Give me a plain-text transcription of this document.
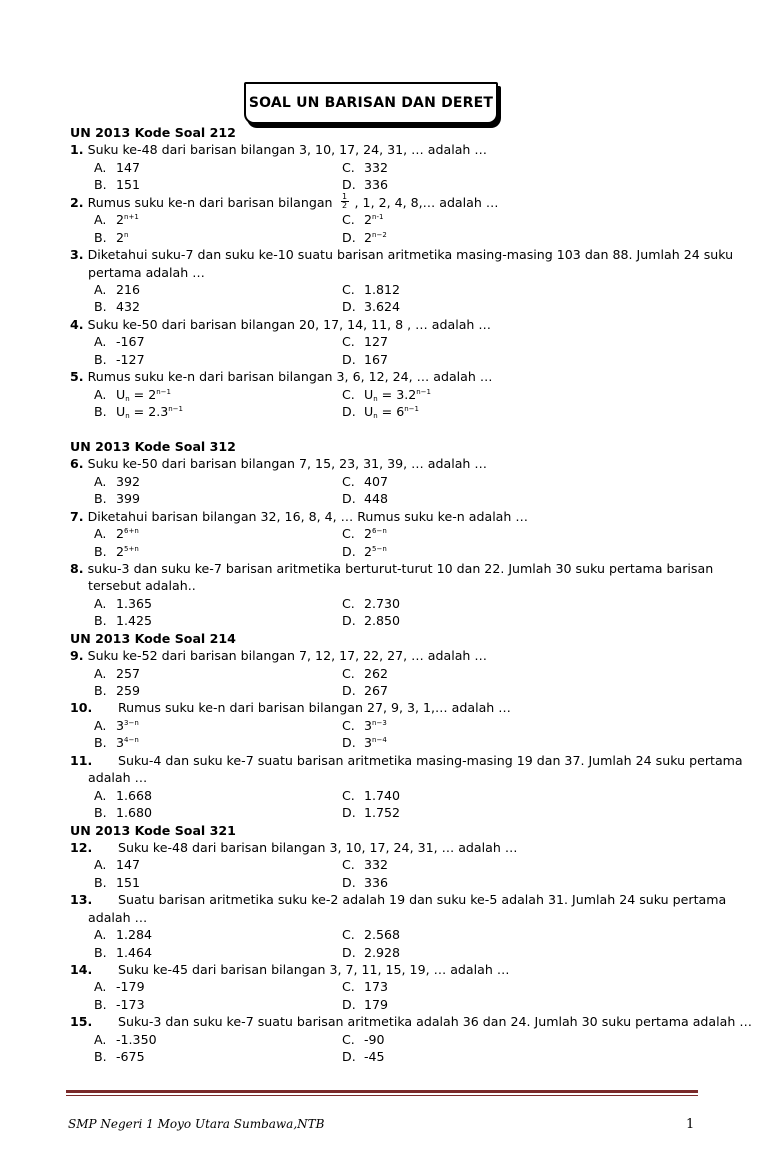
SOAL UN BARISAN DAN DERET
UN 2013 Kode Soal 212
1. Suku ke-48 dari barisan bilangan 3, 10, 17, 24, 31, … adalah …
A. 147	C. 332
B. 151	D. 336
2. Rumus suku ke-n dari barisan bilangan $\frac{1}{2}$ , 1, 2, 4, 8,… adalah …
A. $2^{n+1}$	C. 2$^{n-1}$
B. 2$^n$	D. $2^{n-2}$
3. Diketahui suku-7 dan suku ke-10 suatu barisan aritmetika masing-masing 103 dan 88. Jumlah 24 suku
pertama adalah …
A. 216	C. 1.812
B. 432	D. 3.624
4. Suku ke-50 dari barisan bilangan 20, 17, 14, 11, 8 , … adalah …
A. -167	C. 127
B. -127	D. 167
5. Rumus suku ke-n dari barisan bilangan 3, 6, 12, 24, … adalah …
A. $U_n = 2^{n-1}$	C. $U_n = 3.2^{n-1}$
B. $U_n = 2.3^{n-1}$	D. $U_n = 6^{n-1}$
UN 2013 Kode Soal 312
6. Suku ke-50 dari barisan bilangan 7, 15, 23, 31, 39, … adalah …
A. 392	C. 407
B. 399	D. 448
7. Diketahui barisan bilangan 32, 16, 8, 4, … Rumus suku ke-n adalah …
A. $2^{6+n}$	C. $2^{6-n}$
B. $2^{5+n}$	D. $2^{5-n}$
8. suku-3 dan suku ke-7 barisan aritmetika berturut-turut 10 dan 22. Jumlah 30 suku pertama barisan
tersebut adalah..
A. 1.365	C. 2.730
B. 1.425	D. 2.850
UN 2013 Kode Soal 214
9. Suku ke-52 dari barisan bilangan 7, 12, 17, 22, 27, … adalah …
A. 257	C. 262
B. 259	D. 267
10. Rumus suku ke-n dari barisan bilangan 27, 9, 3, 1,… adalah …
A. $3^{3-n}$	C. $3^{n-3}$
B. $3^{4-n}$	D. $3^{n-4}$
11. Suku-4 dan suku ke-7 suatu barisan aritmetika masing-masing 19 dan 37. Jumlah 24 suku pertama
adalah …
A. 1.668	C. 1.740
B. 1.680	D. 1.752
UN 2013 Kode Soal 321
12. Suku ke-48 dari barisan bilangan 3, 10, 17, 24, 31, … adalah …
A. 147	C. 332
B. 151	D. 336
13. Suatu barisan aritmetika suku ke-2 adalah 19 dan suku ke-5 adalah 31. Jumlah 24 suku pertama
adalah …
A. 1.284	C. 2.568
B. 1.464	D. 2.928
14. Suku ke-45 dari barisan bilangan 3, 7, 11, 15, 19, … adalah …
A. -179	C. 173
B. -173	D. 179
15. Suku-3 dan suku ke-7 suatu barisan aritmetika adalah 36 dan 24. Jumlah 30 suku pertama adalah …
A. -1.350	C. -90
B. -675	D. -45
SMP Negeri 1 Moyo Utara Sumbawa,NTB	1
